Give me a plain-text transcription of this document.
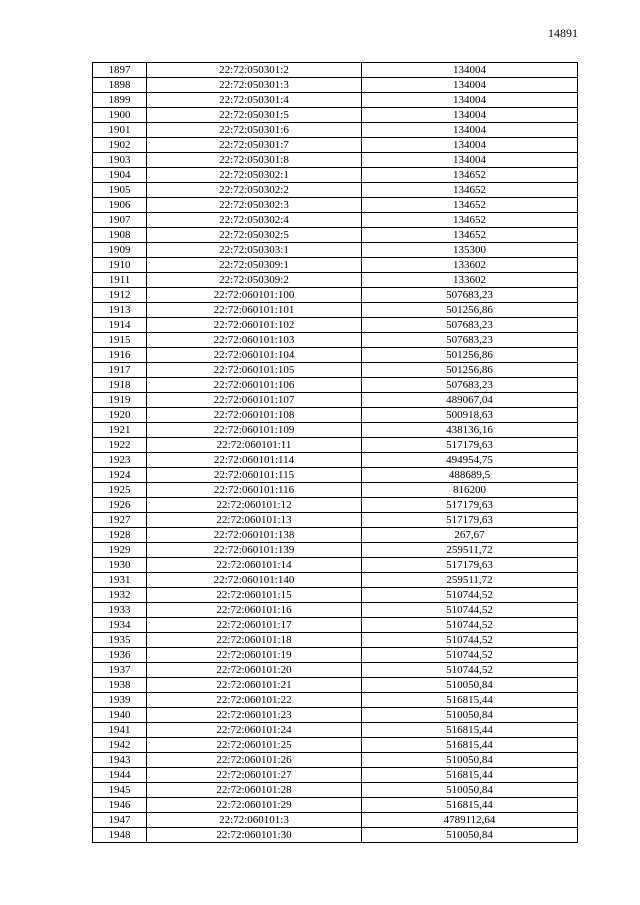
14891
1897	22:72:050301:2	134004
1898	22:72:050301:3	134004
1899	22:72:050301:4	134004
1900	22:72:050301:5	134004
1901	22:72:050301:6	134004
1902	22:72:050301:7	134004
1903	22:72:050301:8	134004
1904	22:72:050302:1	134652
1905	22:72:050302:2	134652
1906	22:72:050302:3	134652
1907	22:72:050302:4	134652
1908	22:72:050302:5	134652
1909	22:72:050303:1	135300
1910	22:72:050309:1	133602
1911	22:72:050309:2	133602
1912	22:72:060101:100	507683,23
1913	22:72:060101:101	501256,86
1914	22:72:060101:102	507683,23
1915	22:72:060101:103	507683,23
1916	22:72:060101:104	501256,86
1917	22:72:060101:105	501256,86
1918	22:72:060101:106	507683,23
1919	22:72:060101:107	489067,04
1920	22:72:060101:108	500918,63
1921	22:72:060101:109	438136,16
1922	22:72:060101:11	517179,63
1923	22:72:060101:114	494954,75
1924	22:72:060101:115	488689,5
1925	22:72:060101:116	816200
1926	22:72:060101:12	517179,63
1927	22:72:060101:13	517179,63
1928	22:72:060101:138	267,67
1929	22:72:060101:139	259511,72
1930	22:72:060101:14	517179,63
1931	22:72:060101:140	259511,72
1932	22:72:060101:15	510744,52
1933	22:72:060101:16	510744,52
1934	22:72:060101:17	510744,52
1935	22:72:060101:18	510744,52
1936	22:72:060101:19	510744,52
1937	22:72:060101:20	510744,52
1938	22:72:060101:21	510050,84
1939	22:72:060101:22	516815,44
1940	22:72:060101:23	510050,84
1941	22:72:060101:24	516815,44
1942	22:72:060101:25	516815,44
1943	22:72:060101:26	510050,84
1944	22:72:060101:27	516815,44
1945	22:72:060101:28	510050,84
1946	22:72:060101:29	516815,44
1947	22:72:060101:3	4789112,64
1948	22:72:060101:30	510050,84
